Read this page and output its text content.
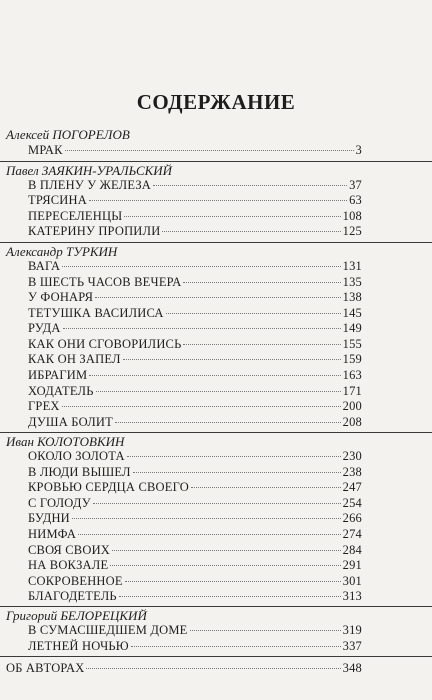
СОДЕРЖАНИЕ
Алексей ПОГОРЕЛОВ
МРАК	3
Павел ЗАЯКИН-УРАЛЬСКИЙ
В ПЛЕНУ У ЖЕЛЕЗА	37
ТРЯСИНА	63
ПЕРЕСЕЛЕНЦЫ	108
КАТЕРИНУ ПРОПИЛИ	125
Александр ТУРКИН
ВАГА	131
В ШЕСТЬ ЧАСОВ ВЕЧЕРА	135
У ФОНАРЯ	138
ТЕТУШКА ВАСИЛИСА	145
РУДА	149
КАК ОНИ СГОВОРИЛИСЬ	155
КАК ОН ЗАПЕЛ	159
ИБРАГИМ	163
ХОДАТЕЛЬ	171
ГРЕХ	200
ДУША БОЛИТ	208
Иван КОЛОТОВКИН
ОКОЛО ЗОЛОТА	230
В ЛЮДИ ВЫШЕЛ	238
КРОВЬЮ СЕРДЦА СВОЕГО	247
С ГОЛОДУ	254
БУДНИ	266
НИМФА	274
СВОЯ СВОИХ	284
НА ВОКЗАЛЕ	291
СОКРОВЕННОЕ	301
БЛАГОДЕТЕЛЬ	313
Григорий БЕЛОРЕЦКИЙ
В СУМАСШЕДШЕМ ДОМЕ	319
ЛЕТНЕЙ НОЧЬЮ	337
ОБ АВТОРАХ	348
